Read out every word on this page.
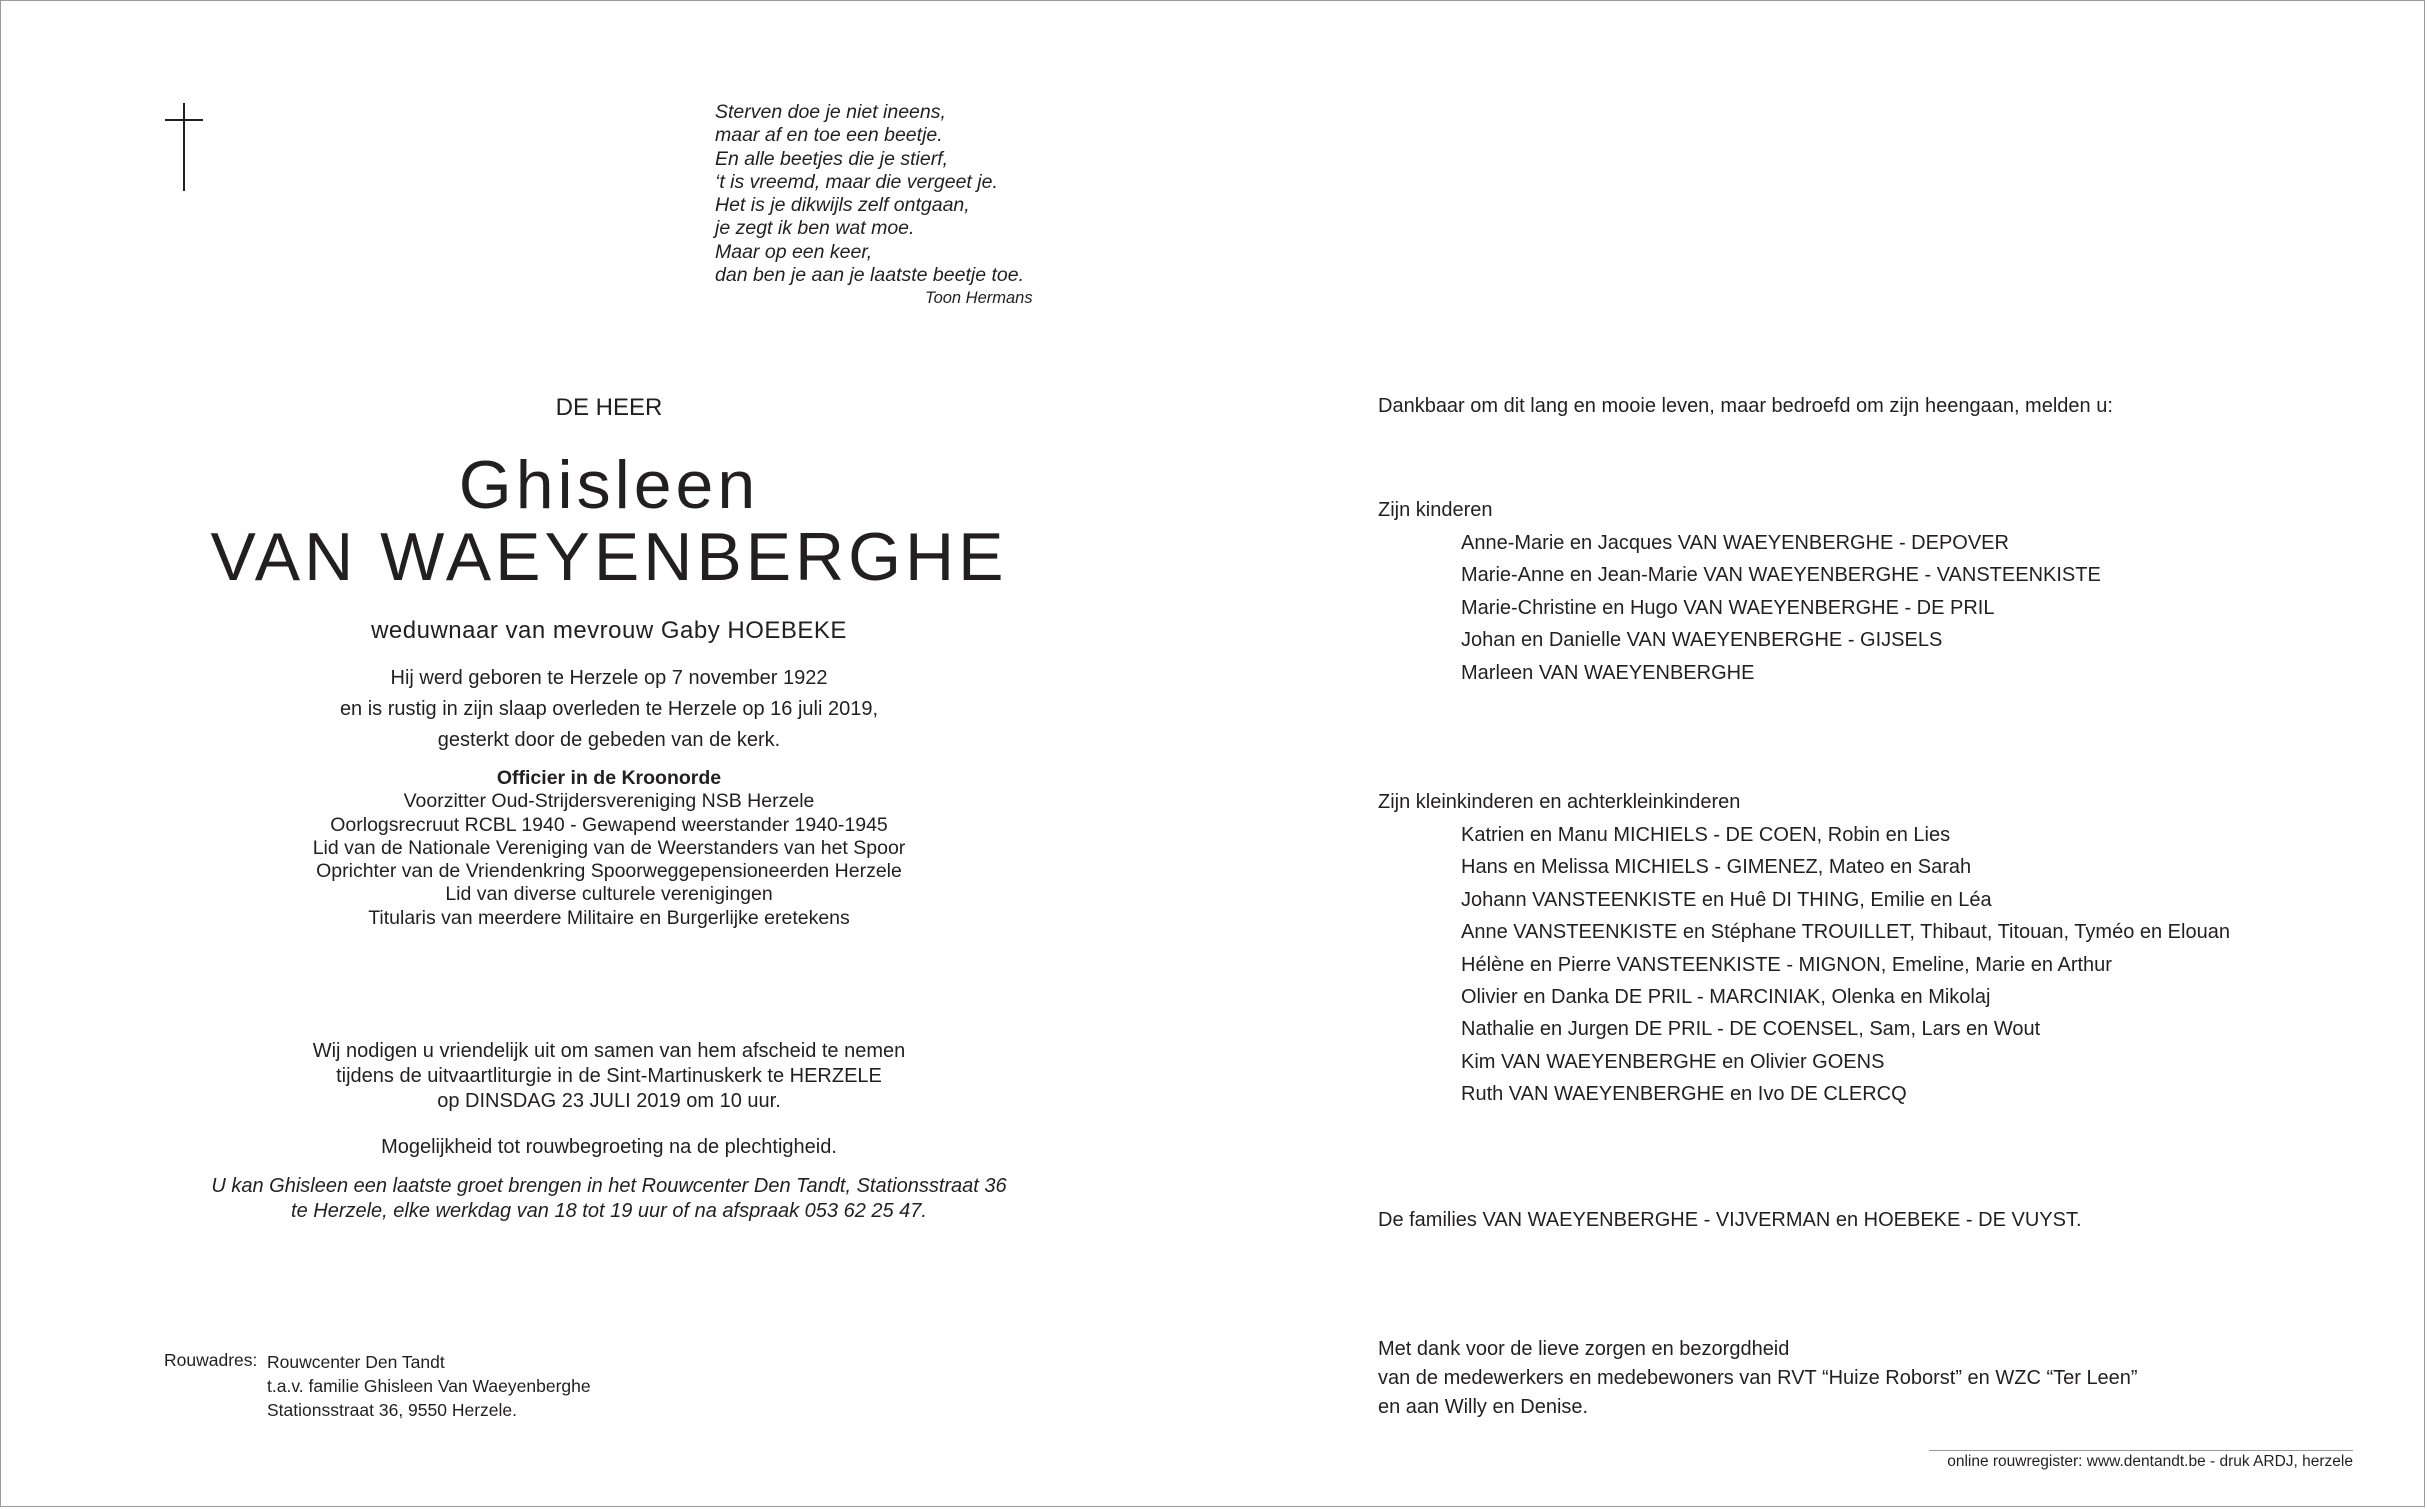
Sterven doe je niet ineens,
maar af en toe een beetje.
En alle beetjes die je stierf,
‘t is vreemd, maar die vergeet je.
Het is je dikwijls zelf ontgaan,
je zegt ik ben wat moe.
Maar op een keer,
dan ben je aan je laatste beetje toe.
Toon Hermans
DE HEER
Ghisleen
VAN WAEYENBERGHE
weduwnaar van mevrouw Gaby HOEBEKE
Hij werd geboren te Herzele op 7 november 1922
en is rustig in zijn slaap overleden te Herzele op 16 juli 2019,
gesterkt door de gebeden van de kerk.
Officier in de Kroonorde
Voorzitter Oud-Strijdersvereniging NSB Herzele
Oorlogsrecruut RCBL 1940 - Gewapend weerstander 1940-1945
Lid van de Nationale Vereniging van de Weerstanders van het Spoor
Oprichter van de Vriendenkring Spoorweggepensioneerden Herzele
Lid van diverse culturele verenigingen
Titularis van meerdere Militaire en Burgerlijke eretekens
Wij nodigen u vriendelijk uit om samen van hem afscheid te nemen
tijdens de uitvaartliturgie in de Sint-Martinuskerk te HERZELE
op DINSDAG 23 JULI 2019 om 10 uur.
Mogelijkheid tot rouwbegroeting na de plechtigheid.
U kan Ghisleen een laatste groet brengen in het Rouwcenter Den Tandt, Stationsstraat 36
te Herzele, elke werkdag van 18 tot 19 uur of na afspraak 053 62 25 47.
Rouwadres: Rouwcenter Den Tandt
t.a.v. familie Ghisleen Van Waeyenberghe
Stationsstraat 36, 9550 Herzele.
Dankbaar om dit lang en mooie leven, maar bedroefd om zijn heengaan, melden u:
Zijn kinderen
Anne-Marie en Jacques VAN WAEYENBERGHE - DEPOVER
Marie-Anne en Jean-Marie VAN WAEYENBERGHE - VANSTEENKISTE
Marie-Christine en Hugo VAN WAEYENBERGHE - DE PRIL
Johan en Danielle VAN WAEYENBERGHE - GIJSELS
Marleen VAN WAEYENBERGHE
Zijn kleinkinderen en achterkleinkinderen
Katrien en Manu MICHIELS - DE COEN, Robin en Lies
Hans en Melissa MICHIELS - GIMENEZ, Mateo en Sarah
Johann VANSTEENKISTE en Huê DI THING, Emilie en Léa
Anne VANSTEENKISTE en Stéphane TROUILLET, Thibaut, Titouan, Tyméo en Elouan
Hélène en Pierre VANSTEENKISTE - MIGNON, Emeline, Marie en Arthur
Olivier en Danka DE PRIL - MARCINIAK, Olenka en Mikolaj
Nathalie en Jurgen DE PRIL - DE COENSEL, Sam, Lars en Wout
Kim VAN WAEYENBERGHE en Olivier GOENS
Ruth VAN WAEYENBERGHE en Ivo DE CLERCQ
De families VAN WAEYENBERGHE - VIJVERMAN en HOEBEKE - DE VUYST.
Met dank voor de lieve zorgen en bezorgdheid
van de medewerkers en medebewoners van RVT “Huize Roborst” en WZC “Ter Leen”
en aan Willy en Denise.
online rouwregister: www.dentandt.be - druk ARDJ, herzele
